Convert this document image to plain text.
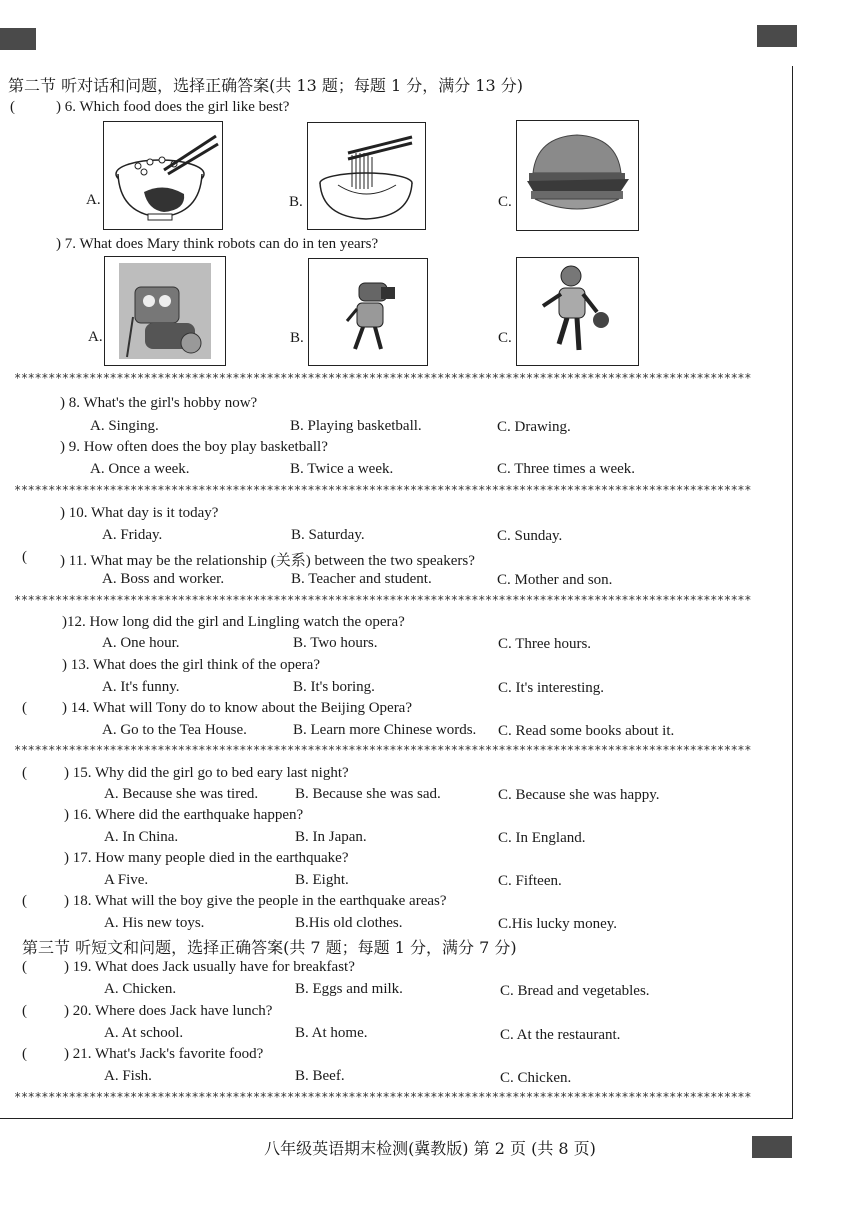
第二节 听对话和问题，选择正确答案(共 13 题；每题 1 分，满分 13 分)
(	) 6. Which food does the girl like best?
A.	B.	C.
) 7. What does Mary think robots can do in ten years?
A.	B.	C.
************************************************************************************************************
) 8. What's the girl's hobby now?
A. Singing.	B. Playing basketball.	C. Drawing.
) 9. How often does the boy play basketball?
A. Once a week.	B. Twice a week.	C. Three times a week.
************************************************************************************************************
) 10. What day is it today?
A. Friday.	B. Saturday.	C. Sunday.
( ) 11. What may be the relationship (关系) between the two speakers?
A. Boss and worker.	B. Teacher and student.	C. Mother and son.
************************************************************************************************************
)12. How long did the girl and Lingling watch the opera?
A. One hour.	B. Two hours.	C. Three hours.
) 13. What does the girl think of the opera?
A. It's funny.	B. It's boring.	C. It's interesting.
( ) 14. What will Tony do to know about the Beijing Opera?
A. Go to the Tea House.	B. Learn more Chinese words. C. Read some books about it.
************************************************************************************************************
( ) 15. Why did the girl go to bed eary last night?
A. Because she was tired. B. Because she was sad.	C. Because she was happy.
) 16. Where did the earthquake happen?
A. In China.	B. In Japan.	C. In England.
) 17. How many people died in the earthquake?
A Five.	B. Eight.	C. Fifteen.
( ) 18. What will the boy give the people in the earthquake areas?
A. His new toys.	B.His old clothes.	C.His lucky money.
第三节 听短文和问题，选择正确答案(共 7 题；每题 1 分，满分 7 分)
( ) 19. What does Jack usually have for breakfast?
A. Chicken.	B. Eggs and milk.	C. Bread and vegetables.
( ) 20. Where does Jack have lunch?
A. At school.	B. At home.	C. At the restaurant.
( ) 21. What's Jack's favorite food?
A. Fish.	B. Beef.	C. Chicken.
************************************************************************************************************
八年级英语期末检测(冀教版) 第 2 页 (共 8 页)
